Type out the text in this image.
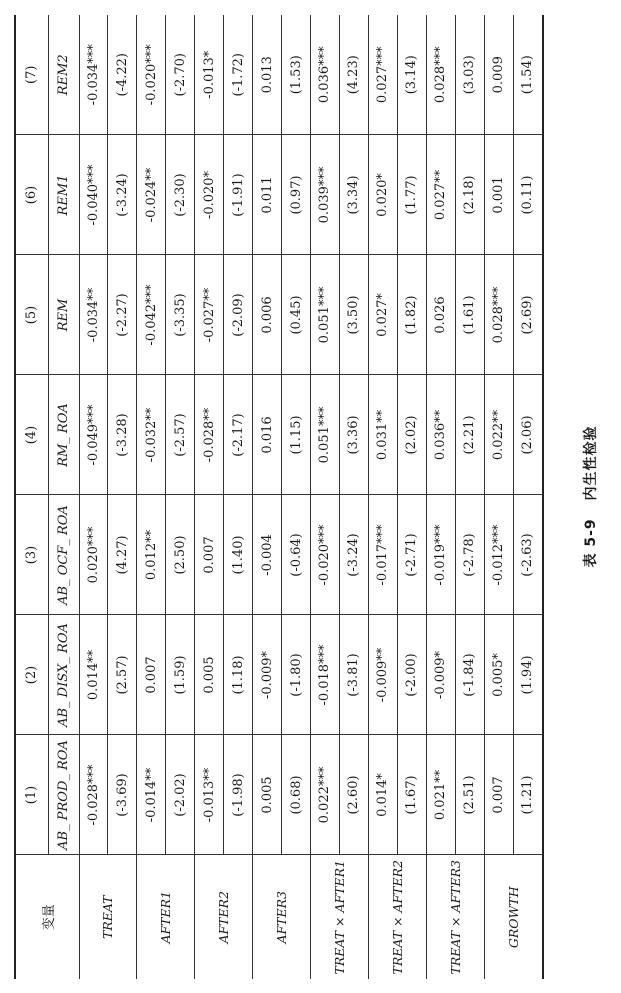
变量	(1)	(2)	(3)	(4)	(5)	(6)	(7)
	AB_ PROD_ ROA	AB_ DISX_ ROA	AB_ OCF_ ROA	RM_ ROA	REM	REM1	REM2
TREAT	-0.028***	0.014**	0.020***	-0.049***	-0.034**	-0.040***	-0.034***
	(-3.69)	(2.57)	(4.27)	(-3.28)	(-2.27)	(-3.24)	(-4.22)
AFTER1	-0.014**	0.007	0.012**	-0.032**	-0.042***	-0.024**	-0.020***
	(-2.02)	(1.59)	(2.50)	(-2.57)	(-3.35)	(-2.30)	(-2.70)
AFTER2	-0.013**	0.005	0.007	-0.028**	-0.027**	-0.020*	-0.013*
	(-1.98)	(1.18)	(1.40)	(-2.17)	(-2.09)	(-1.91)	(-1.72)
AFTER3	0.005	-0.009*	-0.004	0.016	0.006	0.011	0.013
	(0.68)	(-1.80)	(-0.64)	(1.15)	(0.45)	(0.97)	(1.53)
TREAT × AFTER1	0.022***	-0.018***	-0.020***	0.051***	0.051***	0.039***	0.036***
	(2.60)	(-3.81)	(-3.24)	(3.36)	(3.50)	(3.34)	(4.23)
TREAT × AFTER2	0.014*	-0.009**	-0.017***	0.031**	0.027*	0.020*	0.027***
	(1.67)	(-2.00)	(-2.71)	(2.02)	(1.82)	(1.77)	(3.14)
TREAT × AFTER3	0.021**	-0.009*	-0.019***	0.036**	0.026	0.027**	0.028***
	(2.51)	(-1.84)	(-2.78)	(2.21)	(1.61)	(2.18)	(3.03)
GROWTH	0.007	0.005*	-0.012***	0.022**	0.028***	0.001	0.009
	(1.21)	(1.94)	(-2.63)	(2.06)	(2.69)	(0.11)	(1.54)
表 5-9 内生性检验
